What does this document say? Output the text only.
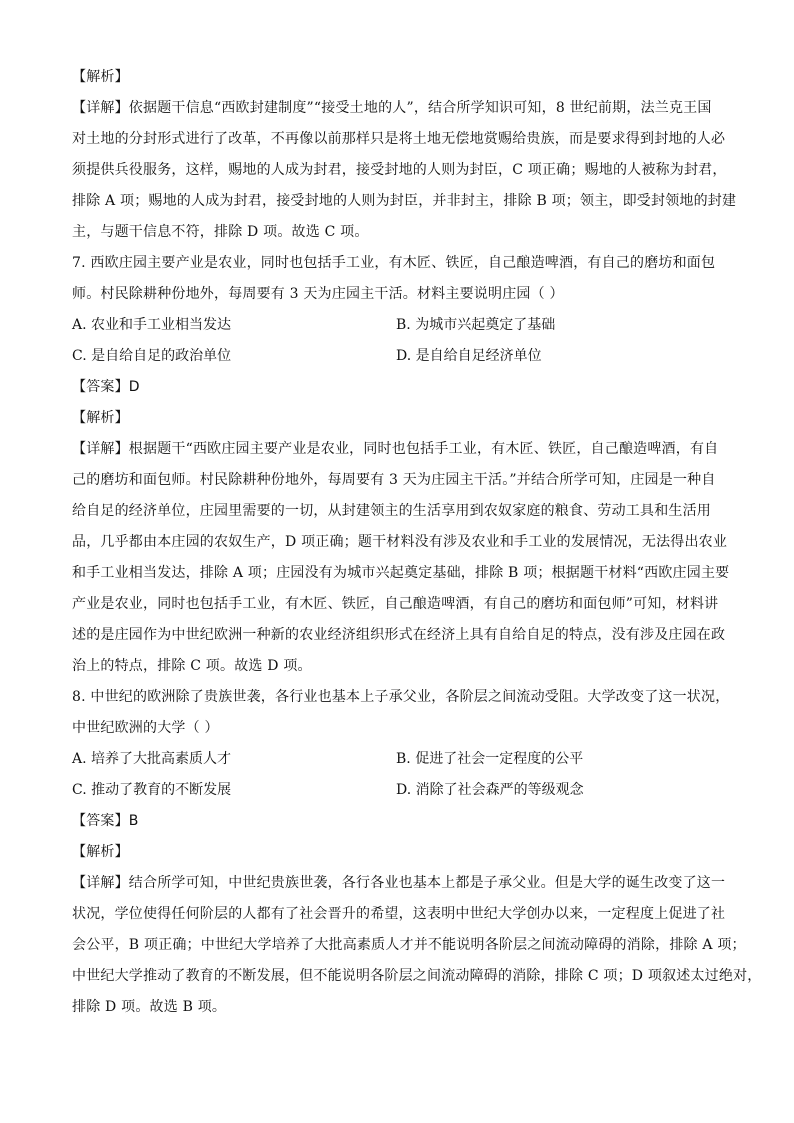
【解析】
【详解】依据题干信息“西欧封建制度”“接受土地的人”，结合所学知识可知，8 世纪前期，法兰克王国
对土地的分封形式进行了改革，不再像以前那样只是将土地无偿地赏赐给贵族，而是要求得到封地的人必
须提供兵役服务，这样，赐地的人成为封君，接受封地的人则为封臣，C 项正确；赐地的人被称为封君，
排除 A 项；赐地的人成为封君，接受封地的人则为封臣，并非封主，排除 B 项；领主，即受封领地的封建
主，与题干信息不符，排除 D 项。故选 C 项。
7. 西欧庄园主要产业是农业，同时也包括手工业，有木匠、铁匠，自己酿造啤酒，有自己的磨坊和面包
师。村民除耕种份地外，每周要有 3 天为庄园主干活。材料主要说明庄园（ ）
A. 农业和手工业相当发达	B. 为城市兴起奠定了基础
C. 是自给自足的政治单位	D. 是自给自足经济单位
【答案】D
【解析】
【详解】根据题干“西欧庄园主要产业是农业，同时也包括手工业，有木匠、铁匠，自己酿造啤酒，有自
己的磨坊和面包师。村民除耕种份地外，每周要有 3 天为庄园主干活。”并结合所学可知，庄园是一种自
给自足的经济单位，庄园里需要的一切，从封建领主的生活享用到农奴家庭的粮食、劳动工具和生活用
品，几乎都由本庄园的农奴生产，D 项正确；题干材料没有涉及农业和手工业的发展情况，无法得出农业
和手工业相当发达，排除 A 项；庄园没有为城市兴起奠定基础，排除 B 项；根据题干材料“西欧庄园主要
产业是农业，同时也包括手工业，有木匠、铁匠，自己酿造啤酒，有自己的磨坊和面包师”可知，材料讲
述的是庄园作为中世纪欧洲一种新的农业经济组织形式在经济上具有自给自足的特点，没有涉及庄园在政
治上的特点，排除 C 项。故选 D 项。
8. 中世纪的欧洲除了贵族世袭，各行业也基本上子承父业，各阶层之间流动受阻。大学改变了这一状况，
中世纪欧洲的大学（ ）
A. 培养了大批高素质人才	B. 促进了社会一定程度的公平
C. 推动了教育的不断发展	D. 消除了社会森严的等级观念
【答案】B
【解析】
【详解】结合所学可知，中世纪贵族世袭，各行各业也基本上都是子承父业。但是大学的诞生改变了这一
状况，学位使得任何阶层的人都有了社会晋升的希望，这表明中世纪大学创办以来，一定程度上促进了社
会公平，B 项正确；中世纪大学培养了大批高素质人才并不能说明各阶层之间流动障碍的消除，排除 A 项；
中世纪大学推动了教育的不断发展，但不能说明各阶层之间流动障碍的消除，排除 C 项；D 项叙述太过绝对，
排除 D 项。故选 B 项。
